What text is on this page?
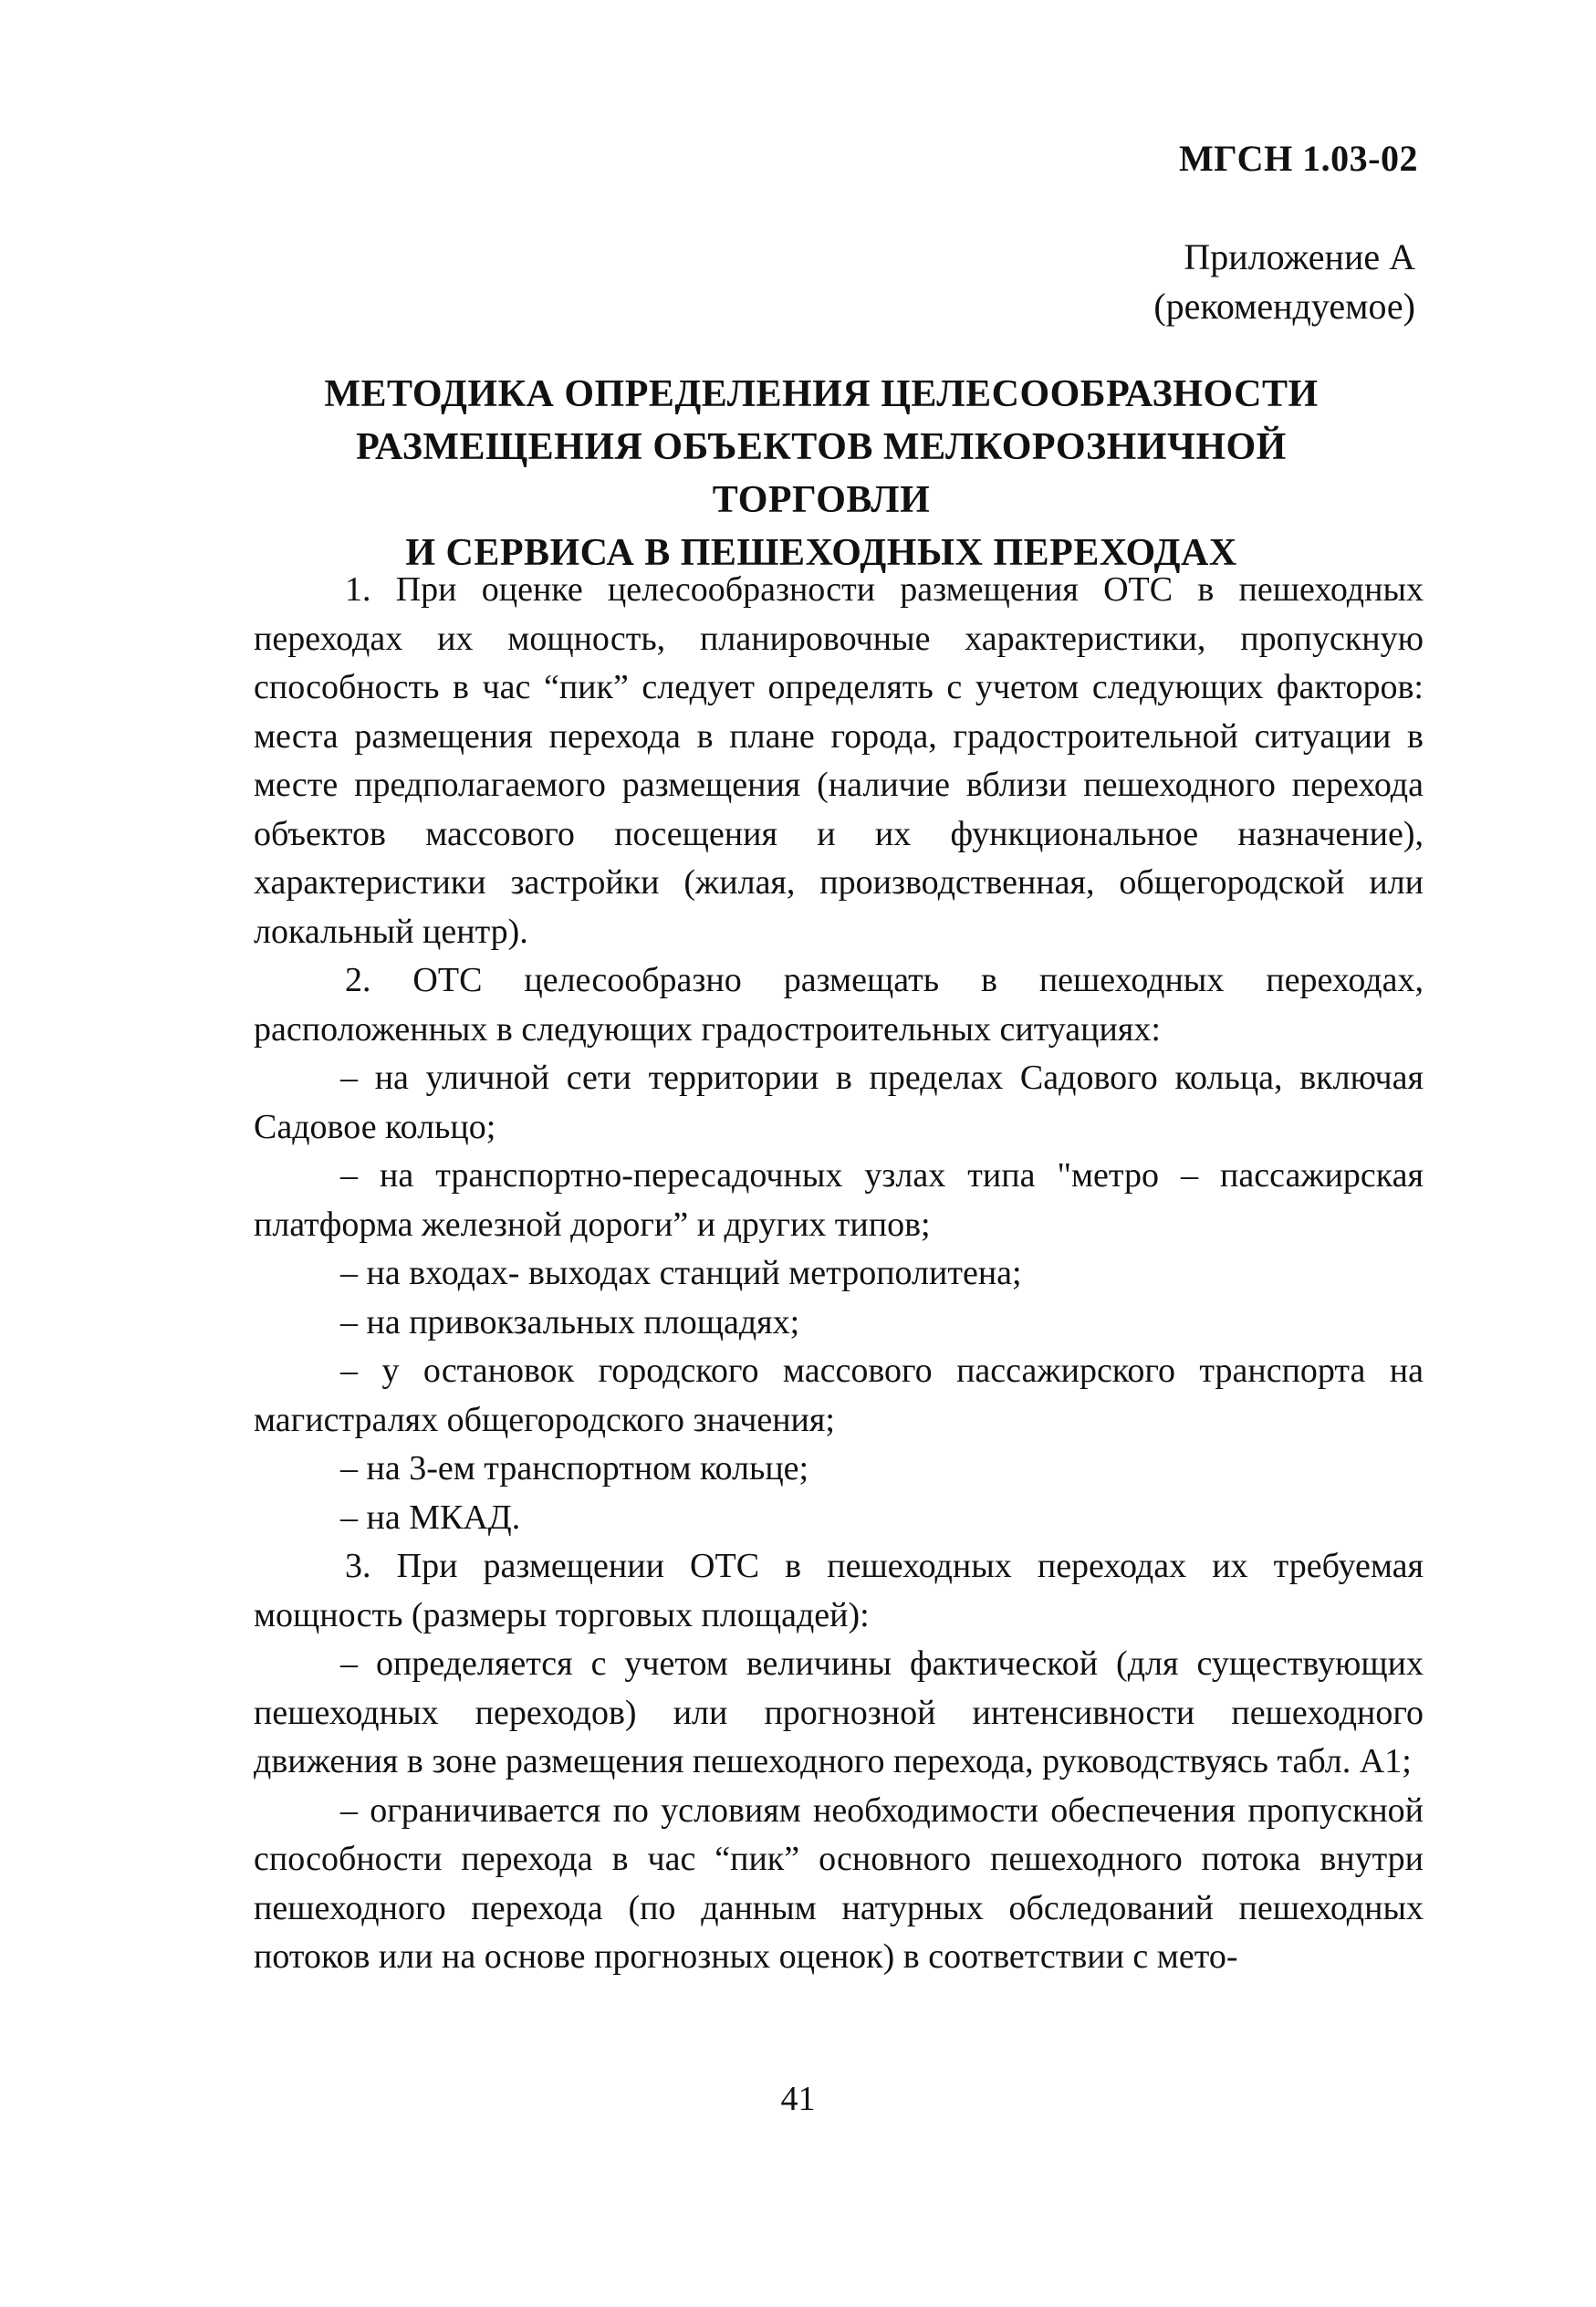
МГСН 1.03-02
Приложение А
(рекомендуемое)
МЕТОДИКА ОПРЕДЕЛЕНИЯ ЦЕЛЕСООБРАЗНОСТИ
РАЗМЕЩЕНИЯ ОБЪЕКТОВ МЕЛКОРОЗНИЧНОЙ ТОРГОВЛИ
И СЕРВИСА В ПЕШЕХОДНЫХ ПЕРЕХОДАХ

1. При оценке целесообразности размещения ОТС в пешеходных переходах их мощность, планировочные характеристики, пропускную способность в час “пик” следует определять с учетом следующих факторов: места размещения перехода в плане города, градостроительной ситуации в месте предполагаемого размещения (наличие вблизи пешеходного перехода объектов массового посещения и их функциональное назначение), характеристики застройки (жилая, производственная, общегородской или локальный центр).

2. ОТС целесообразно размещать в пешеходных переходах, расположенных в следующих градостроительных ситуациях:

– на уличной сети территории в пределах Садового кольца, включая Садовое кольцо;

– на транспортно-пересадочных узлах типа "метро – пассажирская платформа железной дороги” и других типов;

– на входах- выходах станций метрополитена;

– на привокзальных площадях;

– у остановок городского массового пассажирского транспорта на магистралях общегородского значения;

– на 3-ем транспортном кольце;

– на МКАД.

3. При размещении ОТС в пешеходных переходах их требуемая мощность (размеры торговых площадей):

– определяется с учетом величины фактической (для существующих пешеходных переходов) или прогнозной интенсивности пешеходного движения в зоне размещения пешеходного перехода, руководствуясь табл. А1;

– ограничивается по условиям необходимости обеспечения пропускной способности перехода в час “пик” основного пешеходного потока внутри пешеходного перехода (по данным натурных обследований пешеходных потоков или на основе прогнозных оценок) в соответствии с мето-

41
